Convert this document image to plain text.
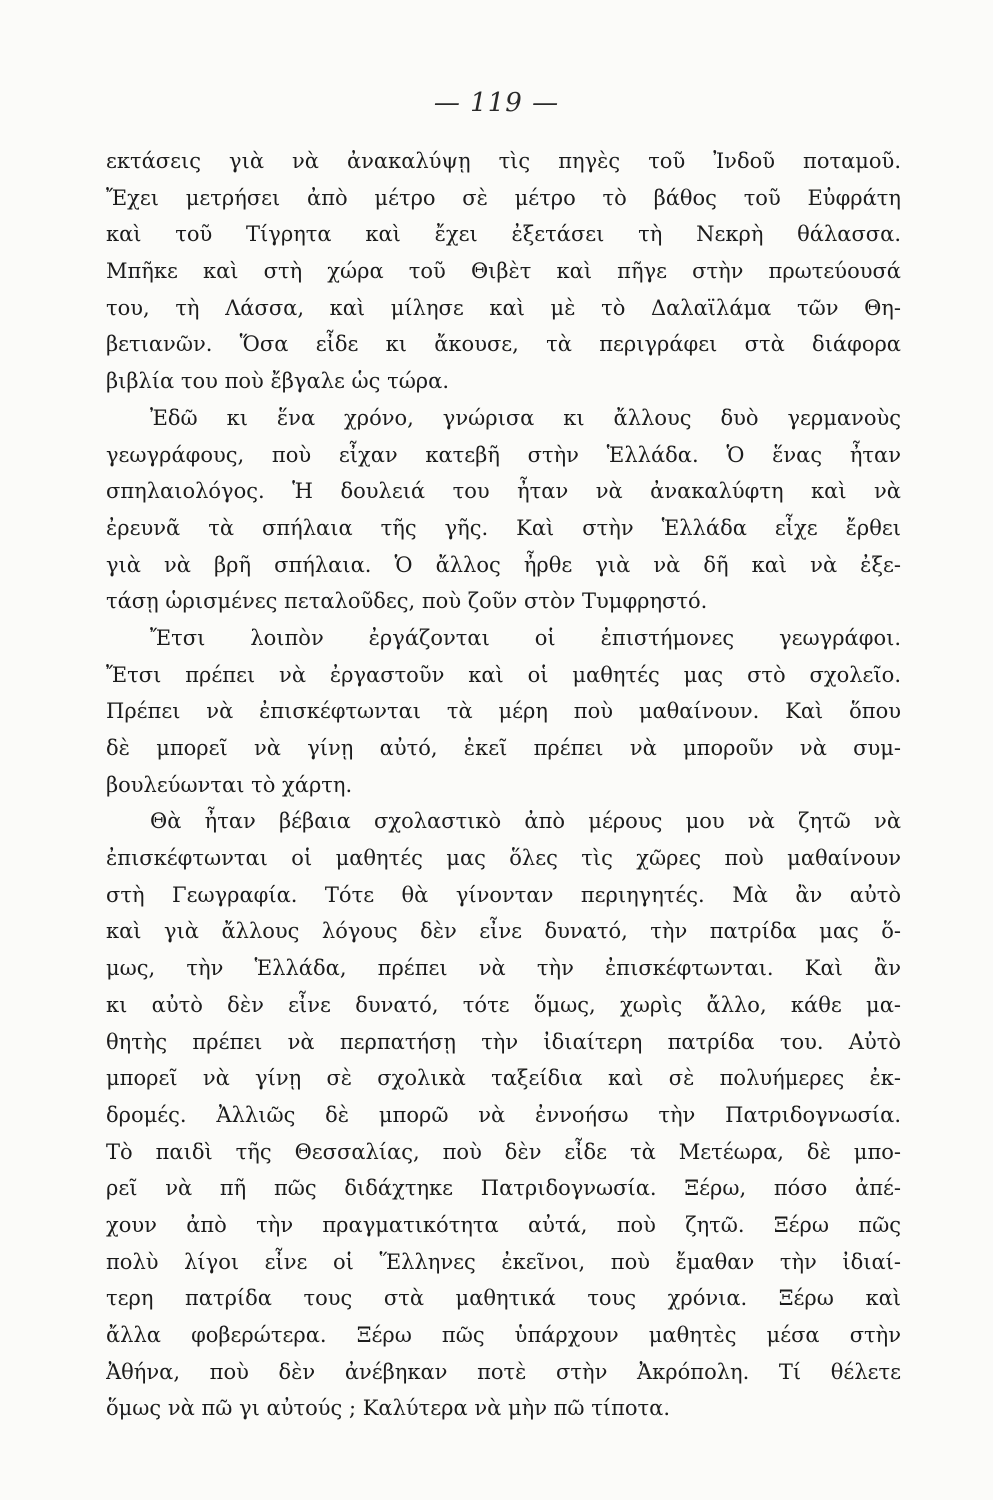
— 119 —
εκτάσεις γιὰ νὰ ἀνακαλύψῃ τὶς πηγὲς τοῦ Ἰνδοῦ ποταμοῦ.
Ἔχει μετρήσει ἀπὸ μέτρο σὲ μέτρο τὸ βάθος τοῦ Εὐφράτη
καὶ τοῦ Τίγρητα καὶ ἔχει ἐξετάσει τὴ Νεκρὴ θάλασσα.
Μπῆκε καὶ στὴ χώρα τοῦ Θιβὲτ καὶ πῆγε στὴν πρωτεύουσά
του, τὴ Λάσσα, καὶ μίλησε καὶ μὲ τὸ Δαλαϊλάμα τῶν Θη-
βετιανῶν. Ὅσα εἶδε κι ἄκουσε, τὰ περιγράφει στὰ διάφορα
βιβλία του ποὺ ἔβγαλε ὡς τώρα.
Ἐδῶ κι ἕνα χρόνο, γνώρισα κι ἄλλους δυὸ γερμανοὺς
γεωγράφους, ποὺ εἶχαν κατεβῆ στὴν Ἑλλάδα. Ὁ ἕνας ἦταν
σπηλαιολόγος. Ἡ δουλειά του ἦταν νὰ ἀνακαλύφτη καὶ νὰ
ἐρευνᾶ τὰ σπήλαια τῆς γῆς. Καὶ στὴν Ἑλλάδα εἶχε ἔρθει
γιὰ νὰ βρῆ σπήλαια. Ὁ ἄλλος ἦρθε γιὰ νὰ δῆ καὶ νὰ ἐξε-
τάσῃ ὡρισμένες πεταλοῦδες, ποὺ ζοῦν στὸν Τυμφρηστό.
Ἔτσι λοιπὸν ἐργάζονται οἱ ἐπιστήμονες γεωγράφοι.
Ἔτσι πρέπει νὰ ἐργαστοῦν καὶ οἱ μαθητές μας στὸ σχολεῖο.
Πρέπει νὰ ἐπισκέφτωνται τὰ μέρη ποὺ μαθαίνουν. Καὶ ὅπου
δὲ μπορεῖ νὰ γίνῃ αὐτό, ἐκεῖ πρέπει νὰ μποροῦν νὰ συμ-
βουλεύωνται τὸ χάρτη.
Θὰ ἦταν βέβαια σχολαστικὸ ἀπὸ μέρους μου νὰ ζητῶ νὰ
ἐπισκέφτωνται οἱ μαθητές μας ὅλες τὶς χῶρες ποὺ μαθαίνουν
στὴ Γεωγραφία. Τότε θὰ γίνονταν περιηγητές. Μὰ ἂν αὐτὸ
καὶ γιὰ ἄλλους λόγους δὲν εἶνε δυνατό, τὴν πατρίδα μας ὅ-
μως, τὴν Ἑλλάδα, πρέπει νὰ τὴν ἐπισκέφτωνται. Καὶ ἂν
κι αὐτὸ δὲν εἶνε δυνατό, τότε ὅμως, χωρὶς ἄλλο, κάθε μα-
θητὴς πρέπει νὰ περπατήσῃ τὴν ἰδιαίτερη πατρίδα του. Αὐτὸ
μπορεῖ νὰ γίνῃ σὲ σχολικὰ ταξείδια καὶ σὲ πολυήμερες ἐκ-
δρομές. Ἀλλιῶς δὲ μπορῶ νὰ ἐννοήσω τὴν Πατριδογνωσία.
Τὸ παιδὶ τῆς Θεσσαλίας, ποὺ δὲν εἶδε τὰ Μετέωρα, δὲ μπο-
ρεῖ νὰ πῆ πῶς διδάχτηκε Πατριδογνωσία. Ξέρω, πόσο ἀπέ-
χουν ἀπὸ τὴν πραγματικότητα αὐτά, ποὺ ζητῶ. Ξέρω πῶς
πολὺ λίγοι εἶνε οἱ Ἕλληνες ἐκεῖνοι, ποὺ ἔμαθαν τὴν ἰδιαί-
τερη πατρίδα τους στὰ μαθητικά τους χρόνια. Ξέρω καὶ
ἄλλα φοβερώτερα. Ξέρω πῶς ὑπάρχουν μαθητὲς μέσα στὴν
Ἀθήνα, ποὺ δὲν ἀνέβηκαν ποτὲ στὴν Ἀκρόπολη. Τί θέλετε
ὅμως νὰ πῶ γι αὐτούς ; Καλύτερα νὰ μὴν πῶ τίποτα.
